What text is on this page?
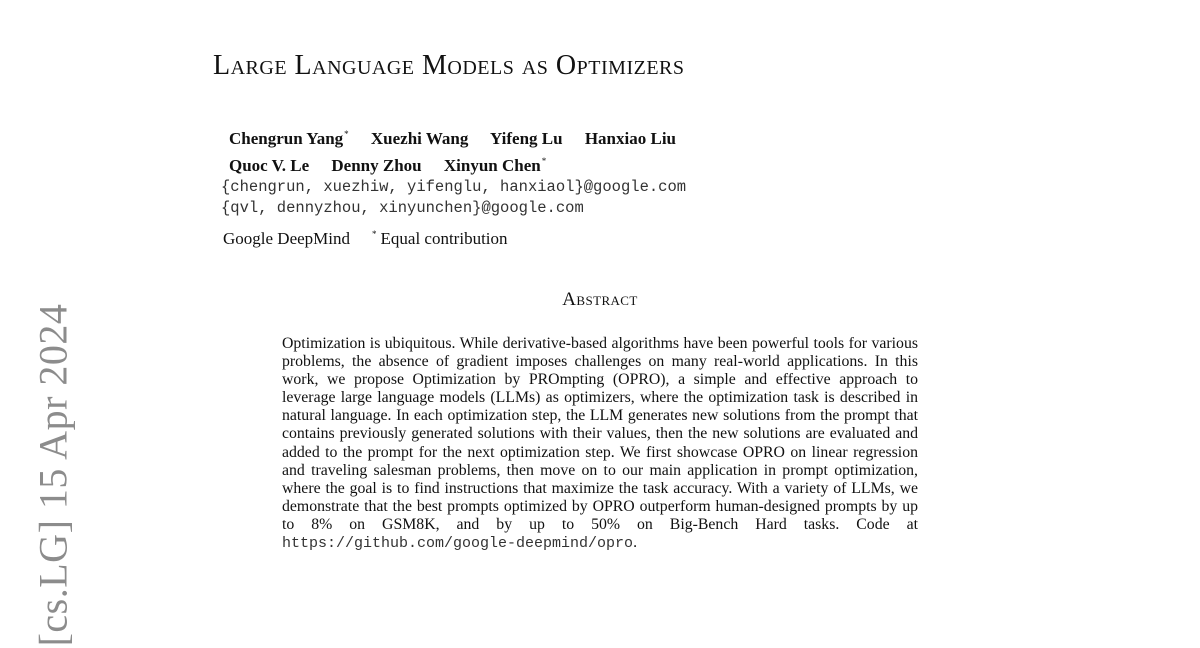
Large Language Models as Optimizers
Chengrun Yang* Xuezhi Wang Yifeng Lu Hanxiao Liu
Quoc V. Le Denny Zhou Xinyun Chen*
{chengrun, xuezhiw, yifenglu, hanxiaol}@google.com
{qvl, dennyzhou, xinyunchen}@google.com
Google DeepMind * Equal contribution
Abstract
Optimization is ubiquitous. While derivative-based algorithms have been powerful tools for various problems, the absence of gradient imposes challenges on many real-world applications. In this work, we propose Optimization by PROmpting (OPRO), a simple and effective approach to leverage large language models (LLMs) as optimizers, where the optimization task is described in natural language. In each optimization step, the LLM generates new solutions from the prompt that contains previously generated solutions with their values, then the new solutions are evaluated and added to the prompt for the next optimization step. We first showcase OPRO on linear regression and traveling salesman problems, then move on to our main application in prompt optimization, where the goal is to find instructions that maximize the task accuracy. With a variety of LLMs, we demonstrate that the best prompts optimized by OPRO outperform human-designed prompts by up to 8% on GSM8K, and by up to 50% on Big-Bench Hard tasks. Code at https://github.com/google-deepmind/opro.
[cs.LG] 15 Apr 2024
